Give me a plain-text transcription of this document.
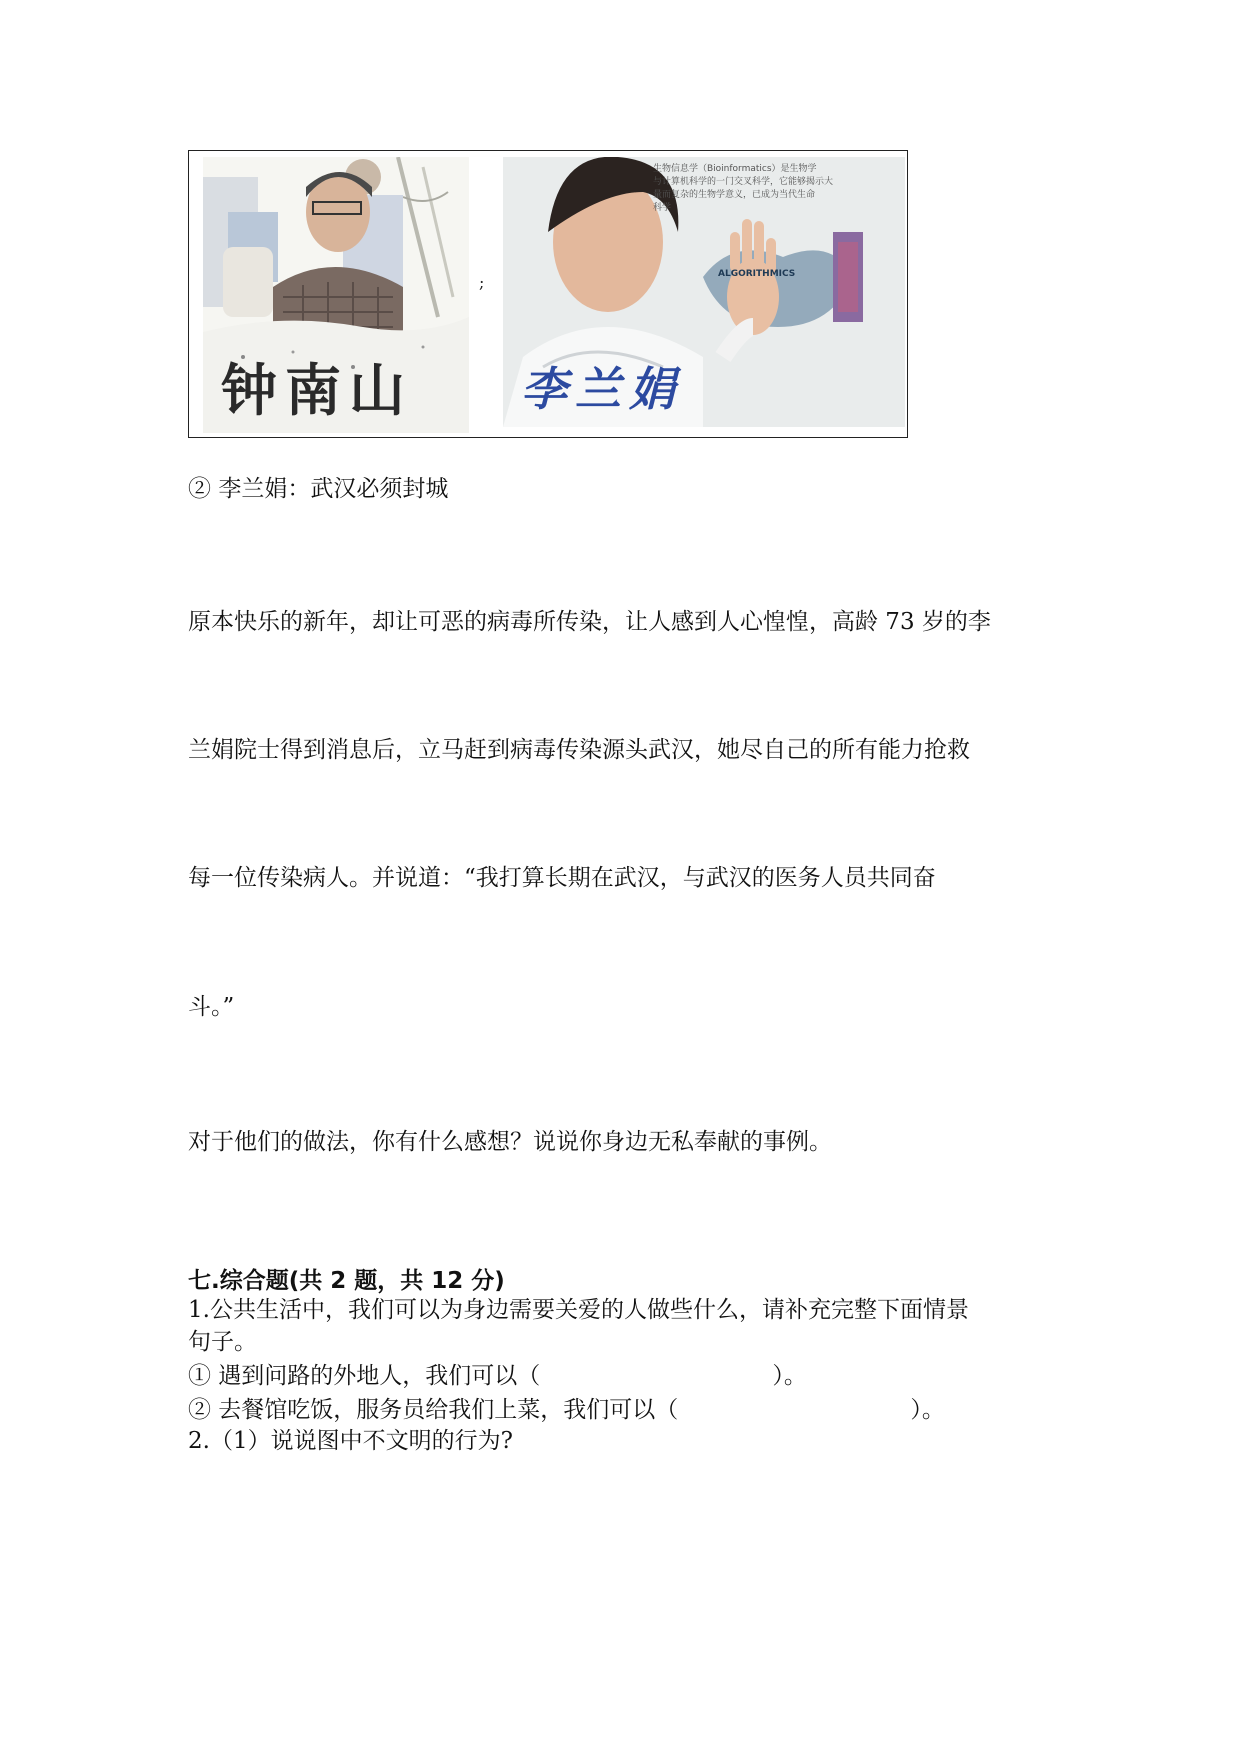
钟南山
;
生物信息学（Bioinformatics）是生物学
与计算机科学的一门交叉科学，它能够揭示大
量而复杂的生物学意义，已成为当代生命
科学
ALGORITHMICS
李兰娟
② 李兰娟：武汉必须封城
原本快乐的新年，却让可恶的病毒所传染，让人感到人心惶惶，高龄 73 岁的李
兰娟院士得到消息后，立马赶到病毒传染源头武汉，她尽自己的所有能力抢救
每一位传染病人。并说道：“我打算长期在武汉，与武汉的医务人员共同奋
斗。”
对于他们的做法，你有什么感想？说说你身边无私奉献的事例。
七.综合题(共 2 题，共 12 分)
1.公共生活中，我们可以为身边需要关爱的人做些什么，请补充完整下面情景
句子。
① 遇到问路的外地人，我们可以（	）。
② 去餐馆吃饭，服务员给我们上菜，我们可以（	）。
2.（1）说说图中不文明的行为?
